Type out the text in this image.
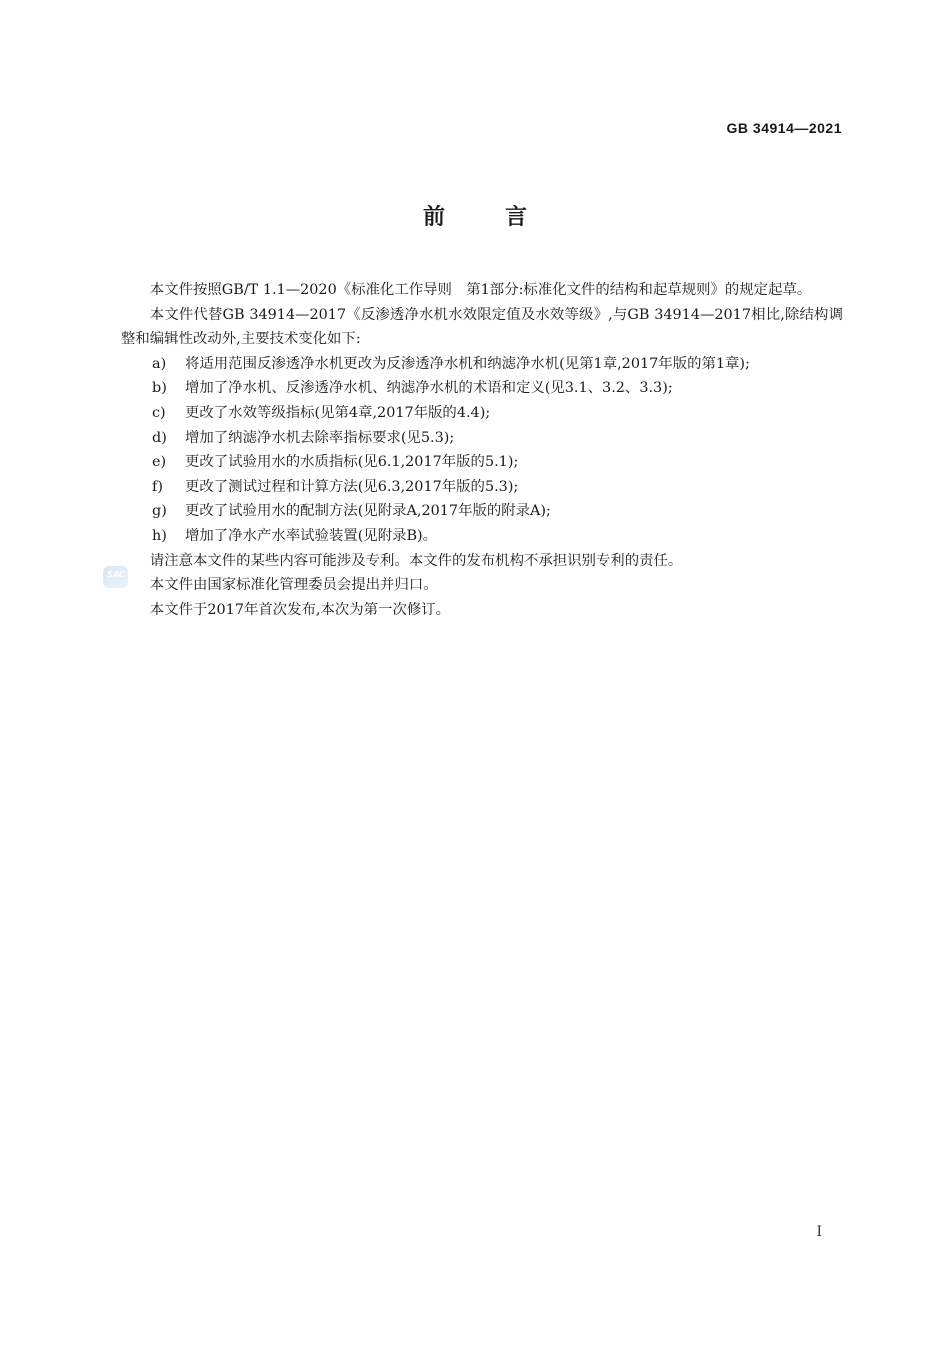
GB 34914—2021
前言
SAC

本文件按照GB/T 1.1—2020《标准化工作导则　第1部分:标准化文件的结构和起草规则》的规定起草。

本文件代替GB 34914—2017《反渗透净水机水效限定值及水效等级》,与GB 34914—2017相比,除结构调整和编辑性改动外,主要技术变化如下:

a) 将适用范围反渗透净水机更改为反渗透净水机和纳滤净水机(见第1章,2017年版的第1章);

b) 增加了净水机、反渗透净水机、纳滤净水机的术语和定义(见3.1、3.2、3.3);

c) 更改了水效等级指标(见第4章,2017年版的4.4);

d) 增加了纳滤净水机去除率指标要求(见5.3);

e) 更改了试验用水的水质指标(见6.1,2017年版的5.1);

f) 更改了测试过程和计算方法(见6.3,2017年版的5.3);

g) 更改了试验用水的配制方法(见附录A,2017年版的附录A);

h) 增加了净水产水率试验装置(见附录B)。

请注意本文件的某些内容可能涉及专利。本文件的发布机构不承担识别专利的责任。

本文件由国家标准化管理委员会提出并归口。

本文件于2017年首次发布,本次为第一次修订。

I
